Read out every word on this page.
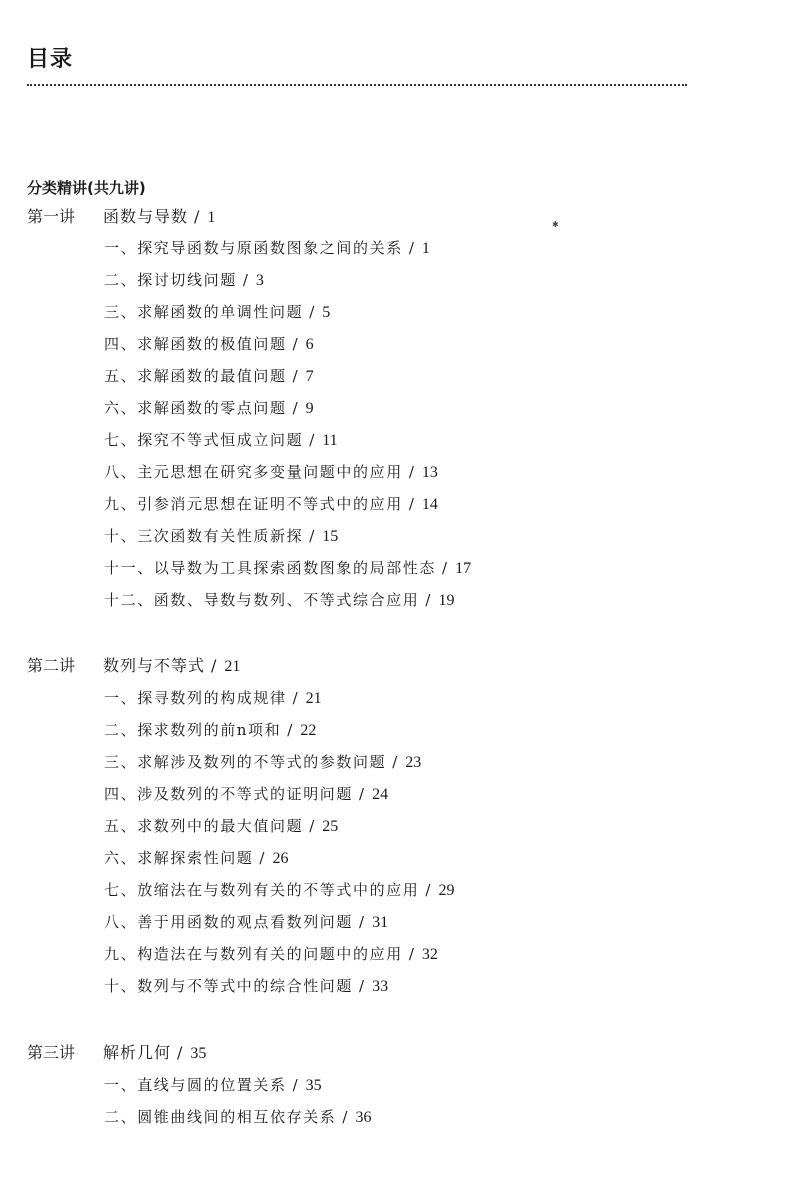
目录
分类精讲(共九讲)
✱
第一讲 函数与导数 / 1
一、探究导函数与原函数图象之间的关系 / 1
二、探讨切线问题 / 3
三、求解函数的单调性问题 / 5
四、求解函数的极值问题 / 6
五、求解函数的最值问题 / 7
六、求解函数的零点问题 / 9
七、探究不等式恒成立问题 / 11
八、主元思想在研究多变量问题中的应用 / 13
九、引参消元思想在证明不等式中的应用 / 14
十、三次函数有关性质新探 / 15
十一、以导数为工具探索函数图象的局部性态 / 17
十二、函数、导数与数列、不等式综合应用 / 19
第二讲 数列与不等式 / 21
一、探寻数列的构成规律 / 21
二、探求数列的前n项和 / 22
三、求解涉及数列的不等式的参数问题 / 23
四、涉及数列的不等式的证明问题 / 24
五、求数列中的最大值问题 / 25
六、求解探索性问题 / 26
七、放缩法在与数列有关的不等式中的应用 / 29
八、善于用函数的观点看数列问题 / 31
九、构造法在与数列有关的问题中的应用 / 32
十、数列与不等式中的综合性问题 / 33
第三讲 解析几何 / 35
一、直线与圆的位置关系 / 35
二、圆锥曲线间的相互依存关系 / 36
